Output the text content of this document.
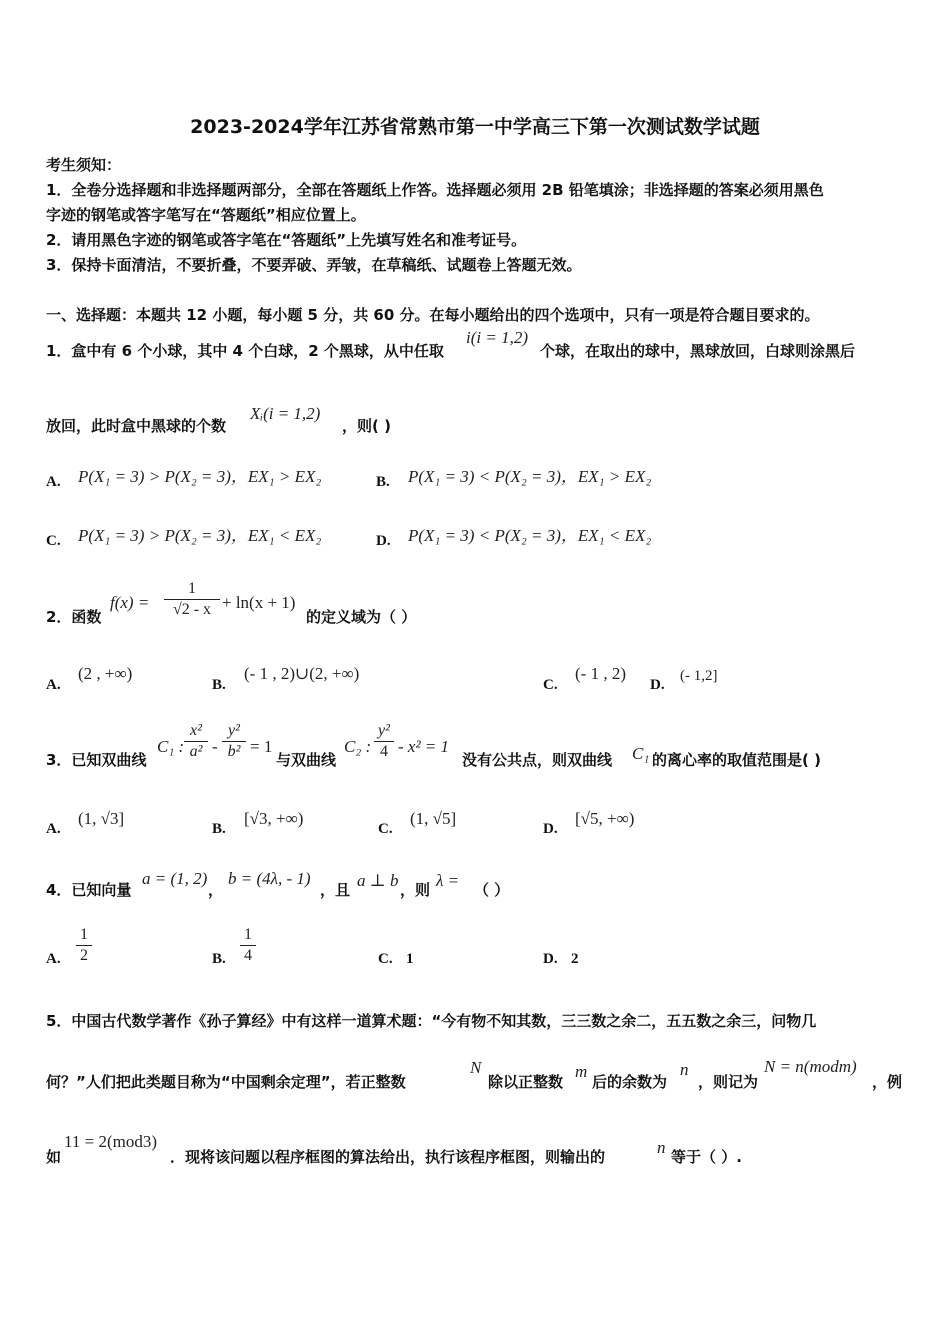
2023-2024学年江苏省常熟市第一中学高三下第一次测试数学试题
考生须知：
1．全卷分选择题和非选择题两部分，全部在答题纸上作答。选择题必须用 2B 铅笔填涂；非选择题的答案必须用黑色
字迹的钢笔或答字笔写在“答题纸”相应位置上。
2．请用黑色字迹的钢笔或答字笔在“答题纸”上先填写姓名和准考证号。
3．保持卡面清洁，不要折叠，不要弄破、弄皱，在草稿纸、试题卷上答题无效。
一、选择题：本题共 12 小题，每小题 5 分，共 60 分。在每小题给出的四个选项中，只有一项是符合题目要求的。
1．盒中有 6 个小球，其中 4 个白球，2 个黑球，从中任取
i(i = 1,2)
个球，在取出的球中，黑球放回，白球则涂黑后
放回，此时盒中黑球的个数
Xᵢ(i = 1,2)
，则( )
A. P(X₁ = 3) > P(X₂ = 3)，EX₁ > EX₂	B. P(X₁ = 3) < P(X₂ = 3)，EX₁ > EX₂
C. P(X₁ = 3) > P(X₂ = 3)，EX₁ < EX₂	D. P(X₁ = 3) < P(X₂ = 3)，EX₁ < EX₂
2．函数
f(x) =
1
√2 - x + ln(x + 1)
的定义域为（ ）
A.
(2 , +∞)
B.
(- 1 , 2)∪(2, +∞)
C.
(- 1 , 2)
D.
(- 1,2]
3．已知双曲线
C₁ :
x²
a² -
y²
b² = 1
与双曲线
C₂ :
y²
4 - x² = 1
没有公共点，则双曲线 C₁ 的离心率的取值范围是( )
A.
(1, √3]
B.
[√3, +∞)
C.
(1, √5]
D.
[√5, +∞)
4．已知向量
a = (1, 2)
，
b = (4λ, - 1)
，且 a ⊥ b ，则 λ = （ ）
A.
1
2	B.
1
4	C. 1	D. 2
5．中国古代数学著作《孙子算经》中有这样一道算术题：“今有物不知其数，三三数之余二，五五数之余三，问物几
何？”人们把此类题目称为“中国剩余定理”，若正整数
N
除以正整数
m
后的余数为
n
，则记为
N = n(modm)
，例
如
11 = 2(mod3)
．现将该问题以程序框图的算法给出，执行该程序框图，则输出的	n 等于（ ）.
